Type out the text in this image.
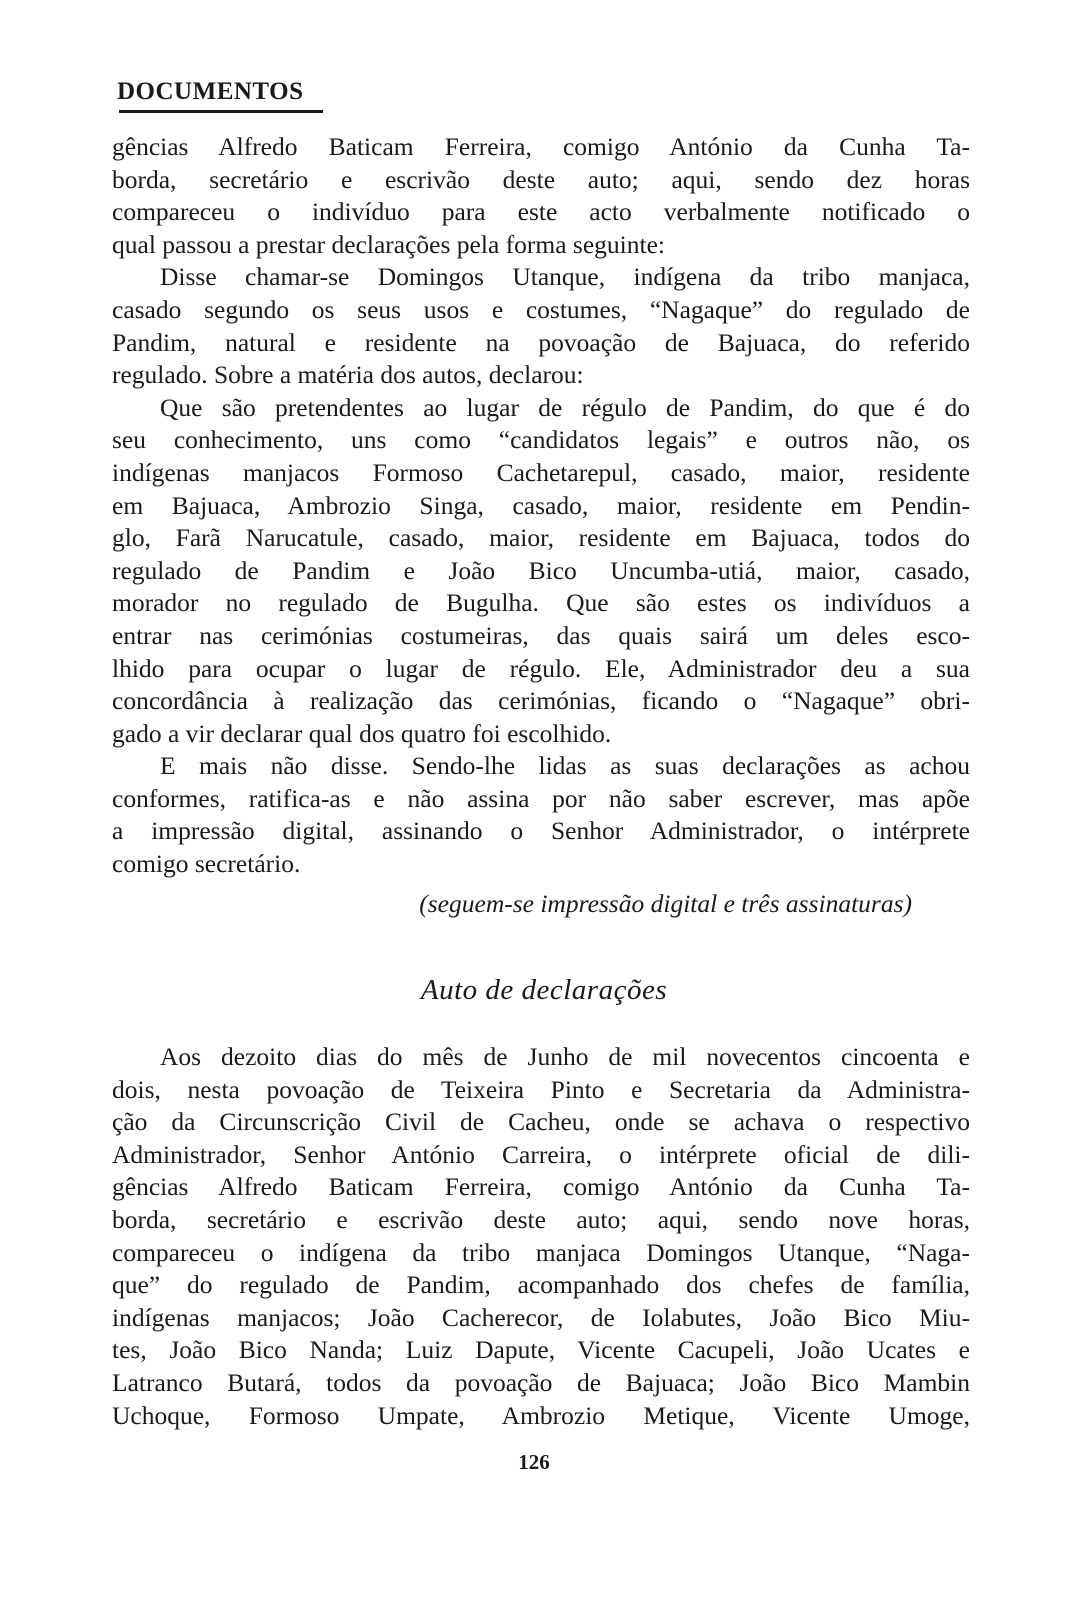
DOCUMENTOS
gências Alfredo Baticam Ferreira, comigo António da Cunha Ta-
borda, secretário e escrivão deste auto; aqui, sendo dez horas
compareceu o indivíduo para este acto verbalmente notificado o
qual passou a prestar declarações pela forma seguinte:
Disse chamar-se Domingos Utanque, indígena da tribo manjaca,
casado segundo os seus usos e costumes, “Nagaque” do regulado de
Pandim, natural e residente na povoação de Bajuaca, do referido
regulado. Sobre a matéria dos autos, declarou:
Que são pretendentes ao lugar de régulo de Pandim, do que é do
seu conhecimento, uns como “candidatos legais” e outros não, os
indígenas manjacos Formoso Cachetarepul, casado, maior, residente
em Bajuaca, Ambrozio Singa, casado, maior, residente em Pendin-
glo, Farã Narucatule, casado, maior, residente em Bajuaca, todos do
regulado de Pandim e João Bico Uncumba-utiá, maior, casado,
morador no regulado de Bugulha. Que são estes os indivíduos a
entrar nas cerimónias costumeiras, das quais sairá um deles esco-
lhido para ocupar o lugar de régulo. Ele, Administrador deu a sua
concordância à realização das cerimónias, ficando o “Nagaque” obri-
gado a vir declarar qual dos quatro foi escolhido.
E mais não disse. Sendo-lhe lidas as suas declarações as achou
conformes, ratifica-as e não assina por não saber escrever, mas apõe
a impressão digital, assinando o Senhor Administrador, o intérprete
comigo secretário.
(seguem-se impressão digital e três assinaturas)
Auto de declarações
Aos dezoito dias do mês de Junho de mil novecentos cincoenta e
dois, nesta povoação de Teixeira Pinto e Secretaria da Administra-
ção da Circunscrição Civil de Cacheu, onde se achava o respectivo
Administrador, Senhor António Carreira, o intérprete oficial de dili-
gências Alfredo Baticam Ferreira, comigo António da Cunha Ta-
borda, secretário e escrivão deste auto; aqui, sendo nove horas,
compareceu o indígena da tribo manjaca Domingos Utanque, “Naga-
que” do regulado de Pandim, acompanhado dos chefes de família,
indígenas manjacos; João Cacherecor, de Iolabutes, João Bico Miu-
tes, João Bico Nanda; Luiz Dapute, Vicente Cacupeli, João Ucates e
Latranco Butará, todos da povoação de Bajuaca; João Bico Mambin
Uchoque, Formoso Umpate, Ambrozio Metique, Vicente Umoge,
126
